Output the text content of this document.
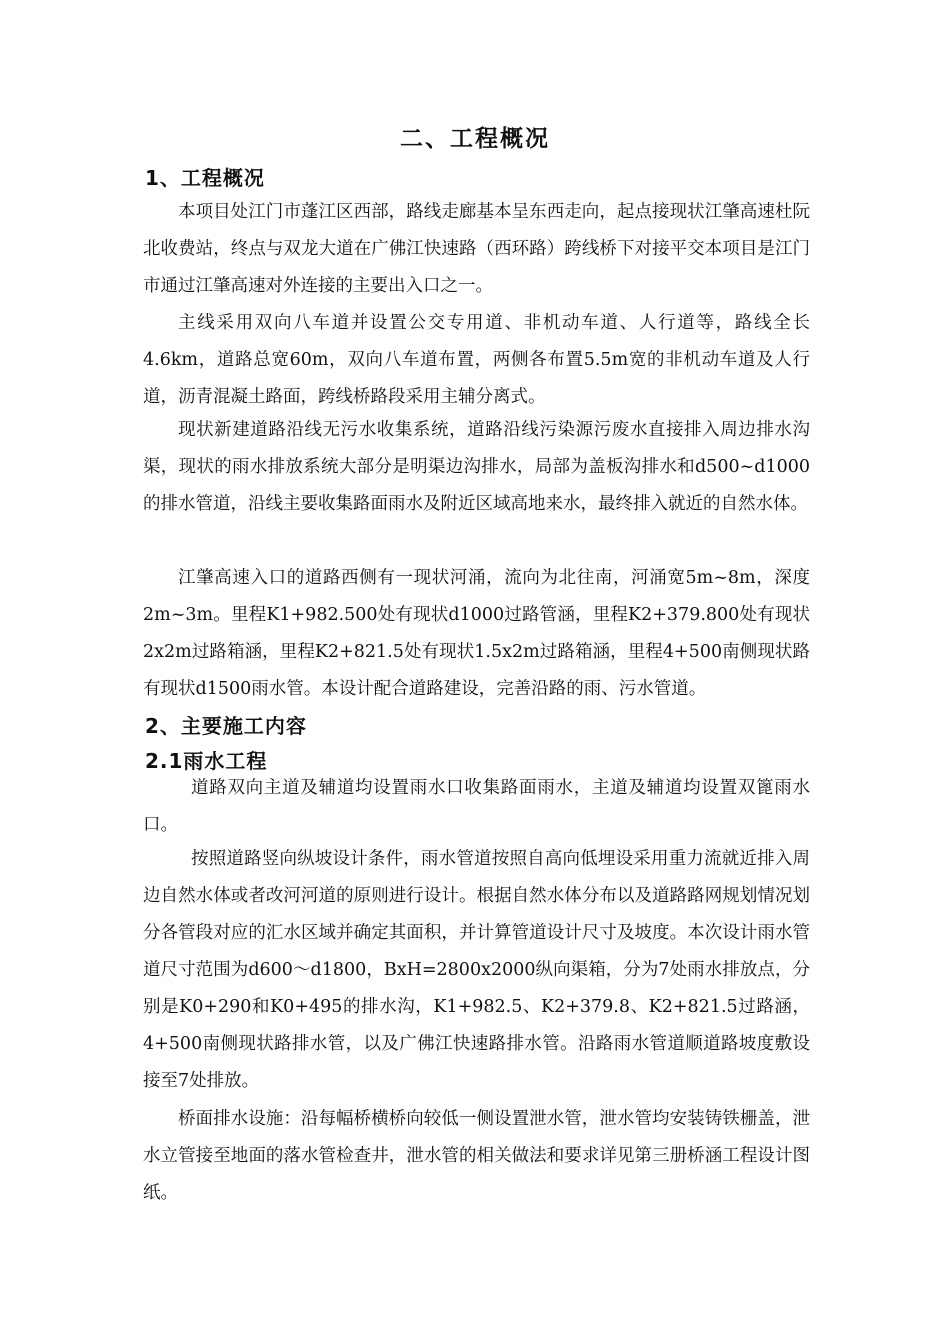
二、工程概况
1、工程概况

本项目处江门市蓬江区西部，路线走廊基本呈东西走向，起点接现状江肇高速杜阮北收费站，终点与双龙大道在广佛江快速路（西环路）跨线桥下对接平交本项目是江门市通过江肇高速对外连接的主要出入口之一。

主线采用双向八车道并设置公交专用道、非机动车道、人行道等，路线全长4.6km，道路总宽60m，双向八车道布置，两侧各布置5.5m宽的非机动车道及人行道，沥青混凝土路面，跨线桥路段采用主辅分离式。

现状新建道路沿线无污水收集系统，道路沿线污染源污废水直接排入周边排水沟渠，现状的雨水排放系统大部分是明渠边沟排水，局部为盖板沟排水和d500~d1000的排水管道，沿线主要收集路面雨水及附近区域高地来水，最终排入就近的自然水体。

江肇高速入口的道路西侧有一现状河涌，流向为北往南，河涌宽5m~8m，深度2m~3m。里程K1+982.500处有现状d1000过路管涵，里程K2+379.800处有现状2x2m过路箱涵，里程K2+821.5处有现状1.5x2m过路箱涵，里程4+500南侧现状路有现状d1500雨水管。本设计配合道路建设，完善沿路的雨、污水管道。

2、主要施工内容
2.1雨水工程

道路双向主道及辅道均设置雨水口收集路面雨水，主道及辅道均设置双篦雨水口。

按照道路竖向纵坡设计条件，雨水管道按照自高向低埋设采用重力流就近排入周边自然水体或者改河河道的原则进行设计。根据自然水体分布以及道路路网规划情况划分各管段对应的汇水区域并确定其面积，并计算管道设计尺寸及坡度。本次设计雨水管道尺寸范围为d600～d1800，BxH=2800x2000纵向渠箱，分为7处雨水排放点，分别是K0+290和K0+495的排水沟，K1+982.5、K2+379.8、K2+821.5过路涵，4+500南侧现状路排水管，以及广佛江快速路排水管。沿路雨水管道顺道路坡度敷设接至7处排放。

桥面排水设施：沿每幅桥横桥向较低一侧设置泄水管，泄水管均安装铸铁栅盖，泄水立管接至地面的落水管检查井，泄水管的相关做法和要求详见第三册桥涵工程设计图纸。
